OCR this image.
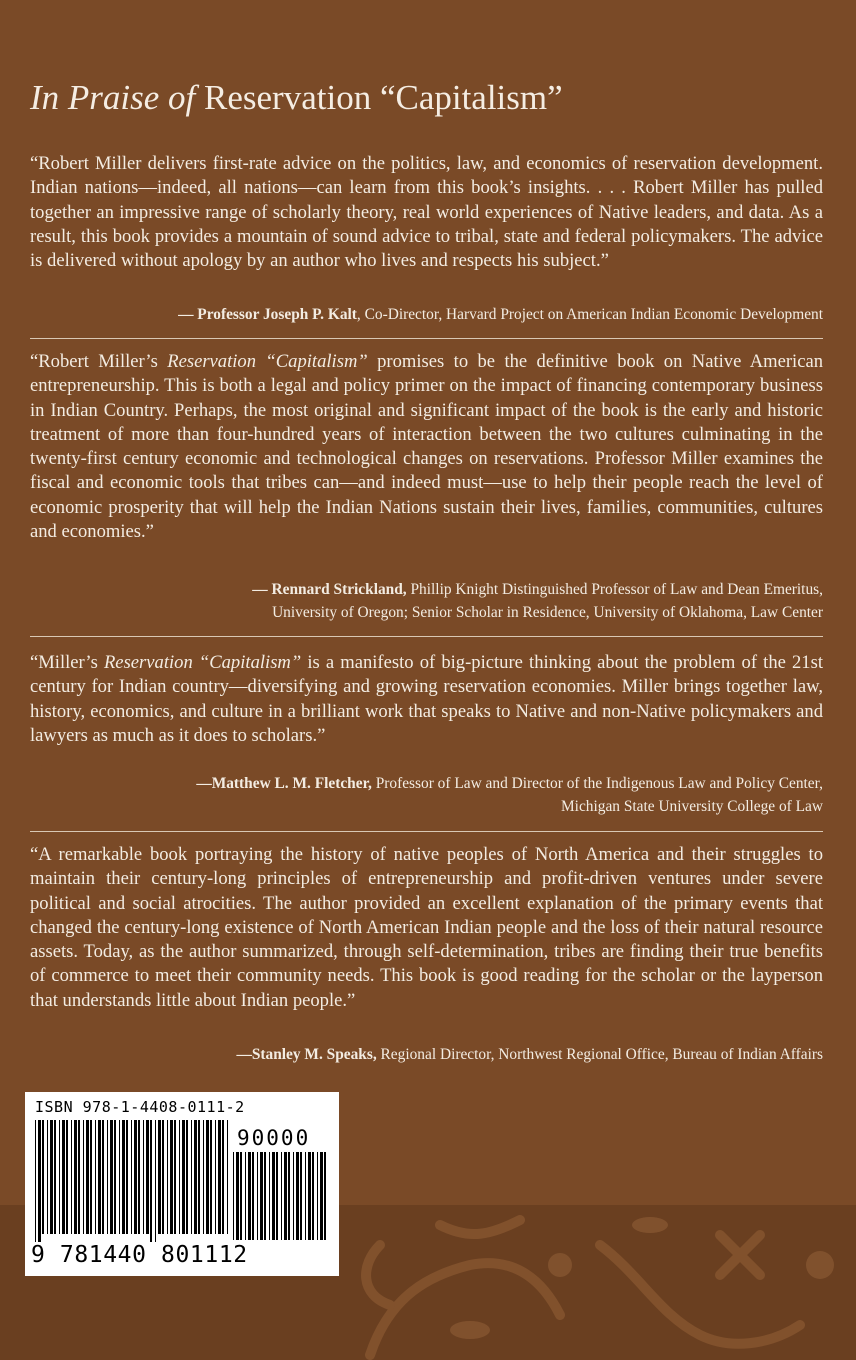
In Praise of Reservation “Capitalism”
“Robert Miller delivers first-rate advice on the politics, law, and economics of reservation development. Indian nations—indeed, all nations—can learn from this book’s insights. . . . Robert Miller has pulled together an impressive range of scholarly theory, real world experiences of Native leaders, and data. As a result, this book provides a mountain of sound advice to tribal, state and federal policymakers. The advice is delivered without apology by an author who lives and respects his subject.”
— Professor Joseph P. Kalt, Co-Director, Harvard Project on American Indian Economic Development
“Robert Miller’s Reservation “Capitalism” promises to be the definitive book on Native American entrepreneurship. This is both a legal and policy primer on the impact of financing contemporary business in Indian Country. Perhaps, the most original and significant impact of the book is the early and historic treatment of more than four-hundred years of interaction between the two cultures culminating in the twenty-first century economic and technological changes on reservations. Professor Miller examines the fiscal and economic tools that tribes can—and indeed must—use to help their people reach the level of economic prosperity that will help the Indian Nations sustain their lives, families, communities, cultures and economies.”
— Rennard Strickland, Phillip Knight Distinguished Professor of Law and Dean Emeritus,
University of Oregon; Senior Scholar in Residence, University of Oklahoma, Law Center
“Miller’s Reservation “Capitalism” is a manifesto of big-picture thinking about the problem of the 21st century for Indian country—diversifying and growing reservation economies. Miller brings together law, history, economics, and culture in a brilliant work that speaks to Native and non-Native policymakers and lawyers as much as it does to scholars.”
—Matthew L. M. Fletcher, Professor of Law and Director of the Indigenous Law and Policy Center,
Michigan State University College of Law
“A remarkable book portraying the history of native peoples of North America and their struggles to maintain their century-long principles of entrepreneurship and profit-driven ventures under severe political and social atrocities. The author provided an excellent explanation of the primary events that changed the century-long existence of North American Indian people and the loss of their natural resource assets. Today, as the author summarized, through self-determination, tribes are finding their true benefits of commerce to meet their community needs. This book is good reading for the scholar or the layperson that understands little about Indian people.”
—Stanley M. Speaks, Regional Director, Northwest Regional Office, Bureau of Indian Affairs
ISBN 978-1-4408-0111-2
90000
9 781440 801112
